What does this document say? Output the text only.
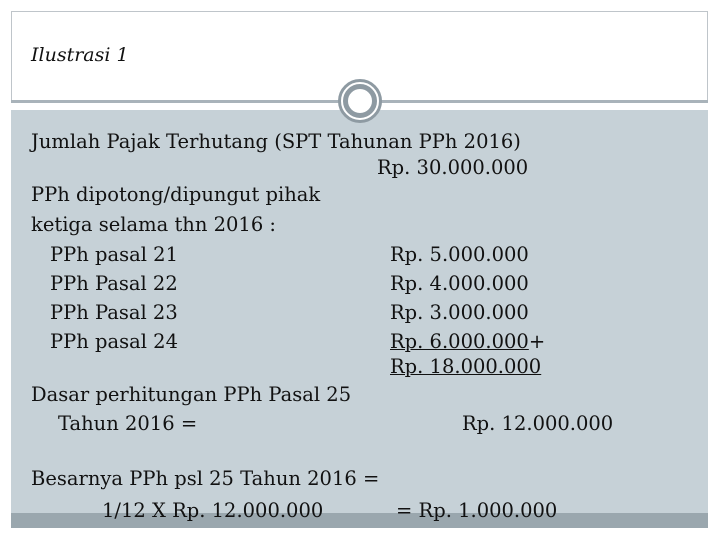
Ilustrasi 1
Jumlah Pajak Terhutang (SPT Tahunan PPh 2016)
Rp. 30.000.000
PPh dipotong/dipungut pihak
ketiga selama thn 2016 :
PPh pasal 21	Rp. 5.000.000
PPh Pasal 22	Rp. 4.000.000
PPh Pasal 23	Rp. 3.000.000
PPh pasal 24	Rp. 6.000.000+
Rp. 18.000.000
Dasar perhitungan PPh Pasal 25
Tahun 2016 =	Rp. 12.000.000
Besarnya PPh psl 25 Tahun 2016 =
1/12 X Rp. 12.000.000	= Rp. 1.000.000
